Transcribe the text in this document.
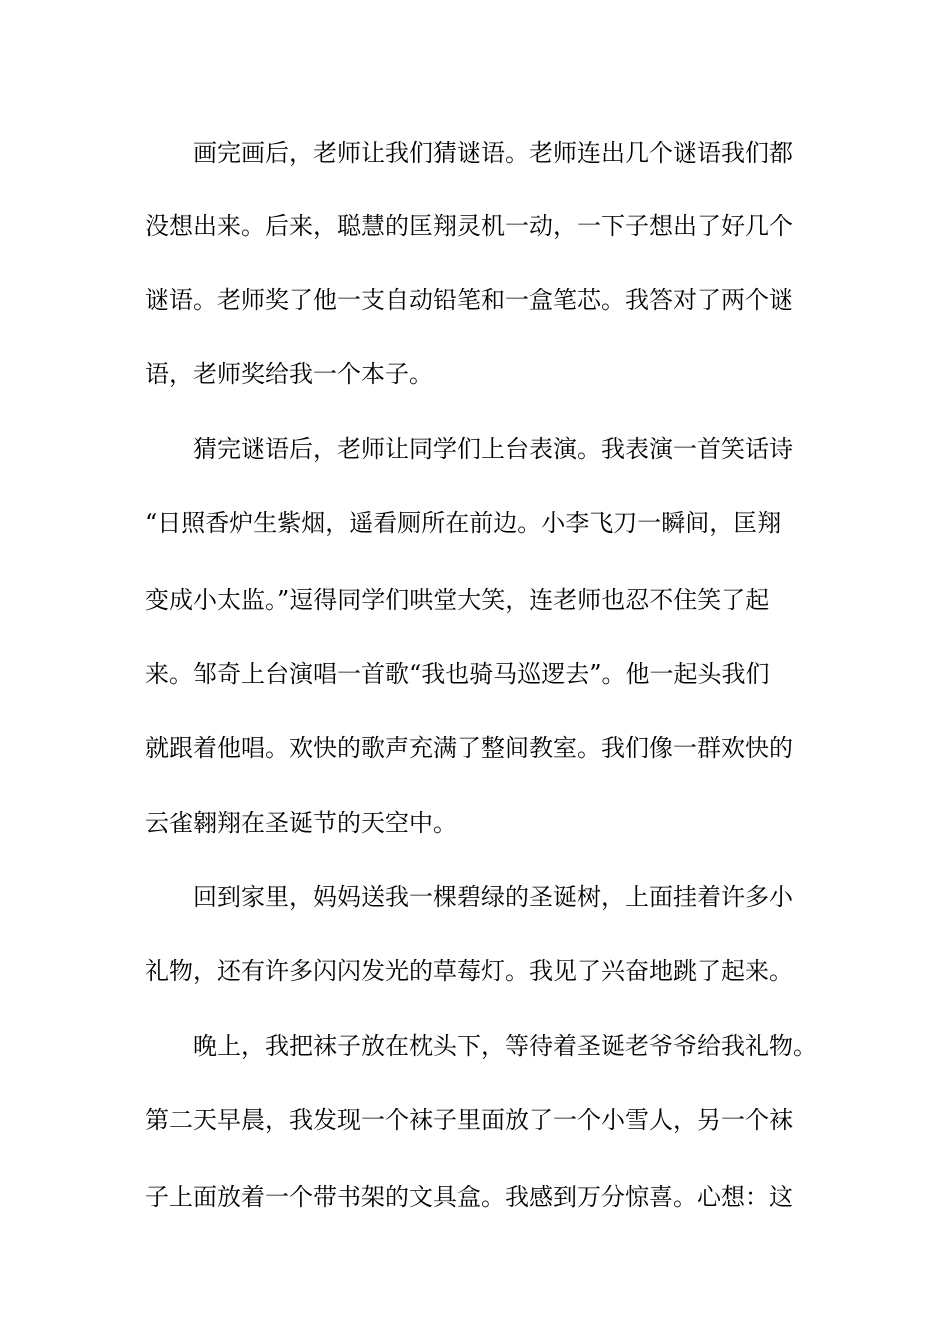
画完画后，老师让我们猜谜语。老师连出几个谜语我们都
没想出来。后来，聪慧的匡翔灵机一动，一下子想出了好几个
谜语。老师奖了他一支自动铅笔和一盒笔芯。我答对了两个谜
语，老师奖给我一个本子。
猜完谜语后，老师让同学们上台表演。我表演一首笑话诗
“日照香炉生紫烟，遥看厕所在前边。小李飞刀一瞬间，匡翔
变成小太监。”逗得同学们哄堂大笑，连老师也忍不住笑了起
来。邹奇上台演唱一首歌“我也骑马巡逻去”。他一起头我们
就跟着他唱。欢快的歌声充满了整间教室。我们像一群欢快的
云雀翱翔在圣诞节的天空中。
回到家里，妈妈送我一棵碧绿的圣诞树，上面挂着许多小
礼物，还有许多闪闪发光的草莓灯。我见了兴奋地跳了起来。
晚上，我把袜子放在枕头下，等待着圣诞老爷爷给我礼物。
第二天早晨，我发现一个袜子里面放了一个小雪人，另一个袜
子上面放着一个带书架的文具盒。我感到万分惊喜。心想：这
